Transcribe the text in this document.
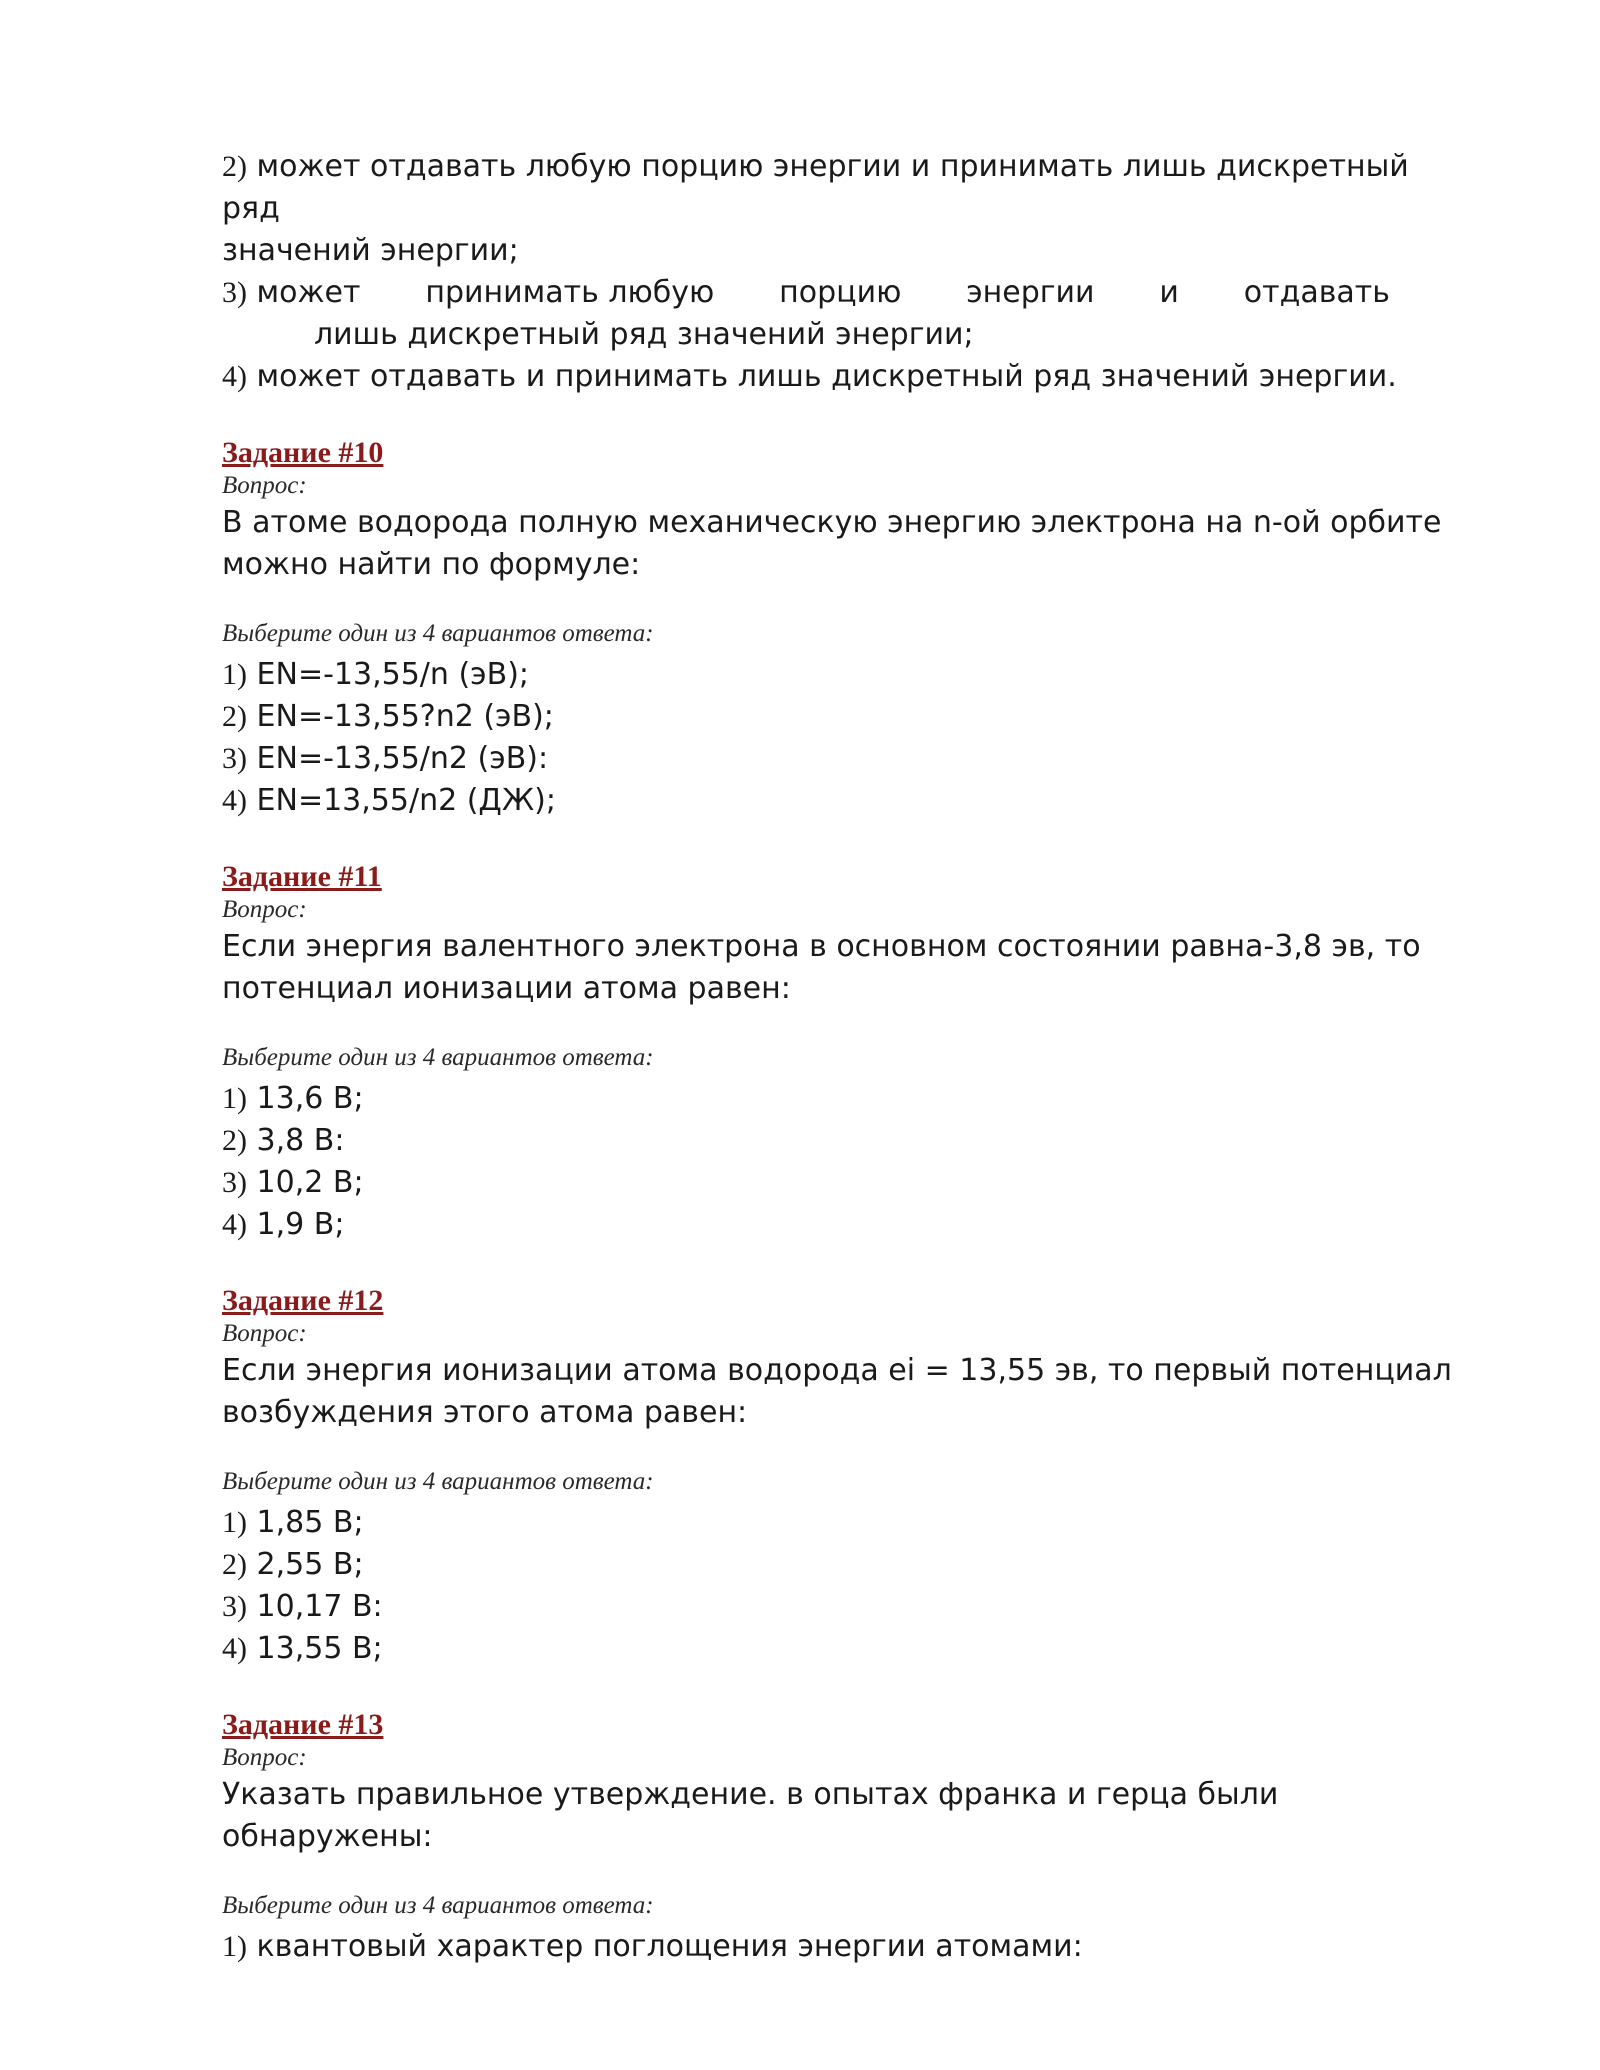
2) может отдавать любую порцию энергии и принимать лишь дискретный ряд
значений энергии;

3) может принимать любую порцию энергии и отдавать
лишь дискретный ряд значений энергии;

4) может отдавать и принимать лишь дискретный ряд значений энергии.

Задание #10

Вопрос:

В атоме водорода полную механическую энергию электрона на n-ой орбите
можно найти по формуле:

Выберите один из 4 вариантов ответа:

1) EN=-13,55/n (эВ);

2) EN=-13,55?n2 (эВ);

3) EN=-13,55/n2 (эВ):

4) EN=13,55/n2 (ДЖ);

Задание #11

Вопрос:

Если энергия валентного электрона в основном состоянии равна-3,8 эв, то
потенциал ионизации атома равен:

Выберите один из 4 вариантов ответа:

1) 13,6 В;

2) 3,8 В:

3) 10,2 В;

4) 1,9 В;

Задание #12

Вопрос:

Если энергия ионизации атома водорода ei = 13,55 эв, то первый потенциал
возбуждения этого атома равен:

Выберите один из 4 вариантов ответа:

1) 1,85 В;

2) 2,55 В;

3) 10,17 В:

4) 13,55 В;

Задание #13

Вопрос:

Указать правильное утверждение. в опытах франка и герца были обнаружены:

Выберите один из 4 вариантов ответа:

1) квантовый характер поглощения энергии атомами:
